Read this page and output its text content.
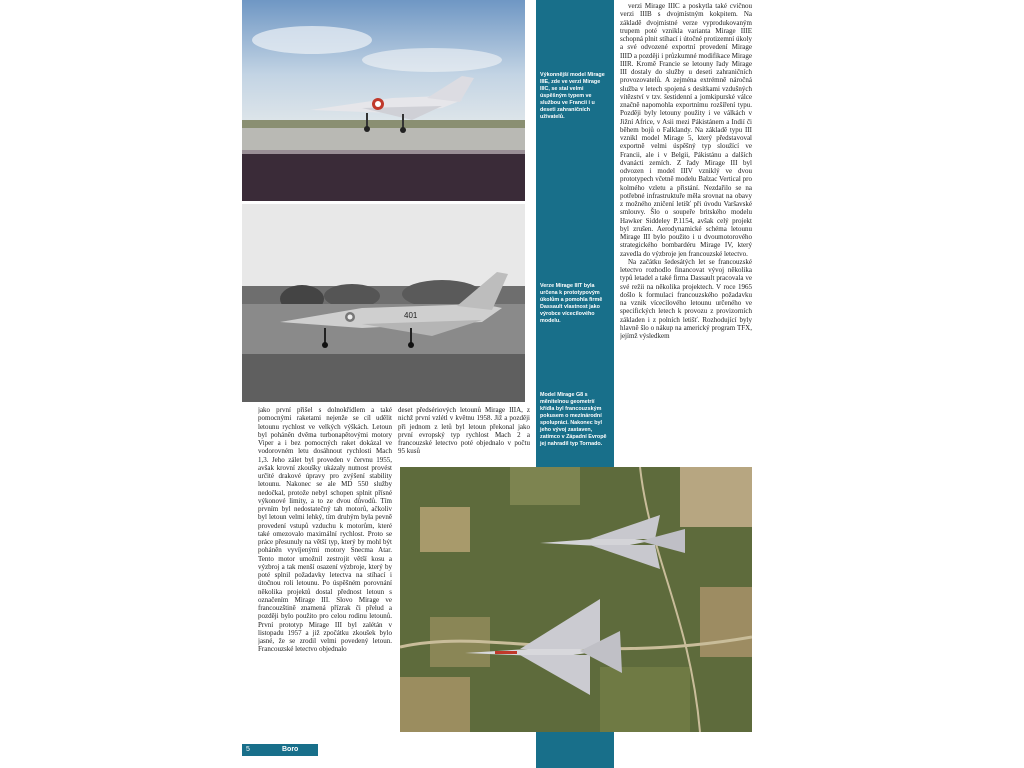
401
Výkonnější model Mirage IIIE, zde ve verzi Mirage IIIC, se stal velmi úspěšným typem ve službou ve Francii i u deseti zahraničních uživatelů.
Verze Mirage IIIT byla určena k prototypovým úkolům a pomohla firmě Dassault vlastnost jako výrobce vícecílového modelu.
Model Mirage G8 s měnitelnou geometrií křídla byl francouzským pokusem o mezinárodní spolupráci. Nakonec byl jeho vývoj zastaven, zatímco v Západní Evropě jej nahradil typ Tornado.

verzi Mirage IIIC a poskytla také cvičnou verzi IIIB s dvojmístným kokpitem. Na základě dvojmístné verze vyprodukovaným trupem poté vznikla varianta Mirage IIIE schopná plnit stíhací i útočné protizemní úkoly a své odvozené exportní provedení Mirage IIID a později i průzkumné modifikace Mirage IIIR. Kromě Francie se letouny řady Mirage III dostaly do služby u deseti zahraničních provozovatelů. A zejména extrémně náročná služba v letech spojená s desítkami vzdušných vítězství v tzv. šestidenní a jomkipurské válce značně napomohla exportnímu rozšíření typu. Později byly letouny použity i ve válkách v Jižní Africe, v Asii mezi Pákistánem a Indií či během bojů o Falklandy. Na základě typu III vznikl model Mirage 5, který představoval exportně velmi úspěšný typ sloužící ve Francii, ale i v Belgii, Pákistánu a dalších dvanácti zemích. Z řady Mirage III byl odvozen i model IIIV vzniklý ve dvou prototypech včetně modelu Balzac Vertical pro kolmého vzletu a přistání. Nezdařilo se na potřebné infrastruktuře měla srovnat na obavy z možného zničení letišť při úvodu Varšavské smlouvy. Šlo o soupeře britského modelu Hawker Siddeley P.1154, avšak celý projekt byl zrušen. Aerodynamické schéma letounu Mirage III bylo použito i u dvoumotorového strategického bombardéru Mirage IV, který zavedla do výzbroje jen francouzské letectvo.

Na začátku šedesátých let se francouzské letectvo rozhodlo financovat vývoj několika typů letadel a také firma Dassault pracovala ve své režii na několika projektech. V roce 1965 došlo k formulaci francouzského požadavku na vznik vícecílového letounu určeného ve specifických letech k provozu z provizorních základen i z polních letišť. Rozhodující byly hlavně šlo o nákup na americký program TFX, jejímž výsledkem

jako první přišel s dolnokřídlem a také pomocnými raketami nejenže se cíl udělit letounu rychlost ve velkých výškách. Letoun byl poháněn dvěma turbonapětovými motory Viper a i bez pomocných raket dokázal ve vodorovném letu dosáhnout rychlosti Mach 1,3. Jeho zálet byl proveden v červnu 1955, avšak krovní zkoušky ukázaly nutnost provést určité drakové úpravy pro zvýšení stability letounu. Nakonec se ale MD 550 služby nedočkal, protože nebyl schopen splnit přísné výkonové limity, a to ze dvou důvodů. Tím prvním byl nedostatečný tah motorů, ačkoliv byl letoun velmi lehký, tím druhým byla pevně provedení vstupů vzduchu k motorům, které také omezovalo maximální rychlost. Proto se práce přesunuly na větší typ, který by mohl být poháněn vyvíjenými motory Snecma Atar. Tento motor umožnil zestrojit větší kosu a výzbroj a tak menší osazení výzbroje, který by poté splnil požadavky letectva na stíhací i útočnou roli letounu. Po úspěšném porovnání několika projektů dostal přednost letoun s označením Mirage III. Slovo Mirage ve francouzštině znamená přízrak či přelud a později bylo použito pro celou rodinu letounů. První prototyp Mirage III byl zalétán v listopadu 1957 a již zpočátku zkoušek bylo jasné, že se zrodil velmi povedený letoun. Francouzské letectvo objednalo

deset předsériových letounů Mirage IIIA, z nichž první vzlétl v květnu 1958. Již a později při jednom z letů byl letoun překonal jako první evropský typ rychlost Mach 2 a francouzské letectvo poté objednalo v počtu 95 kusů

5	Boro
